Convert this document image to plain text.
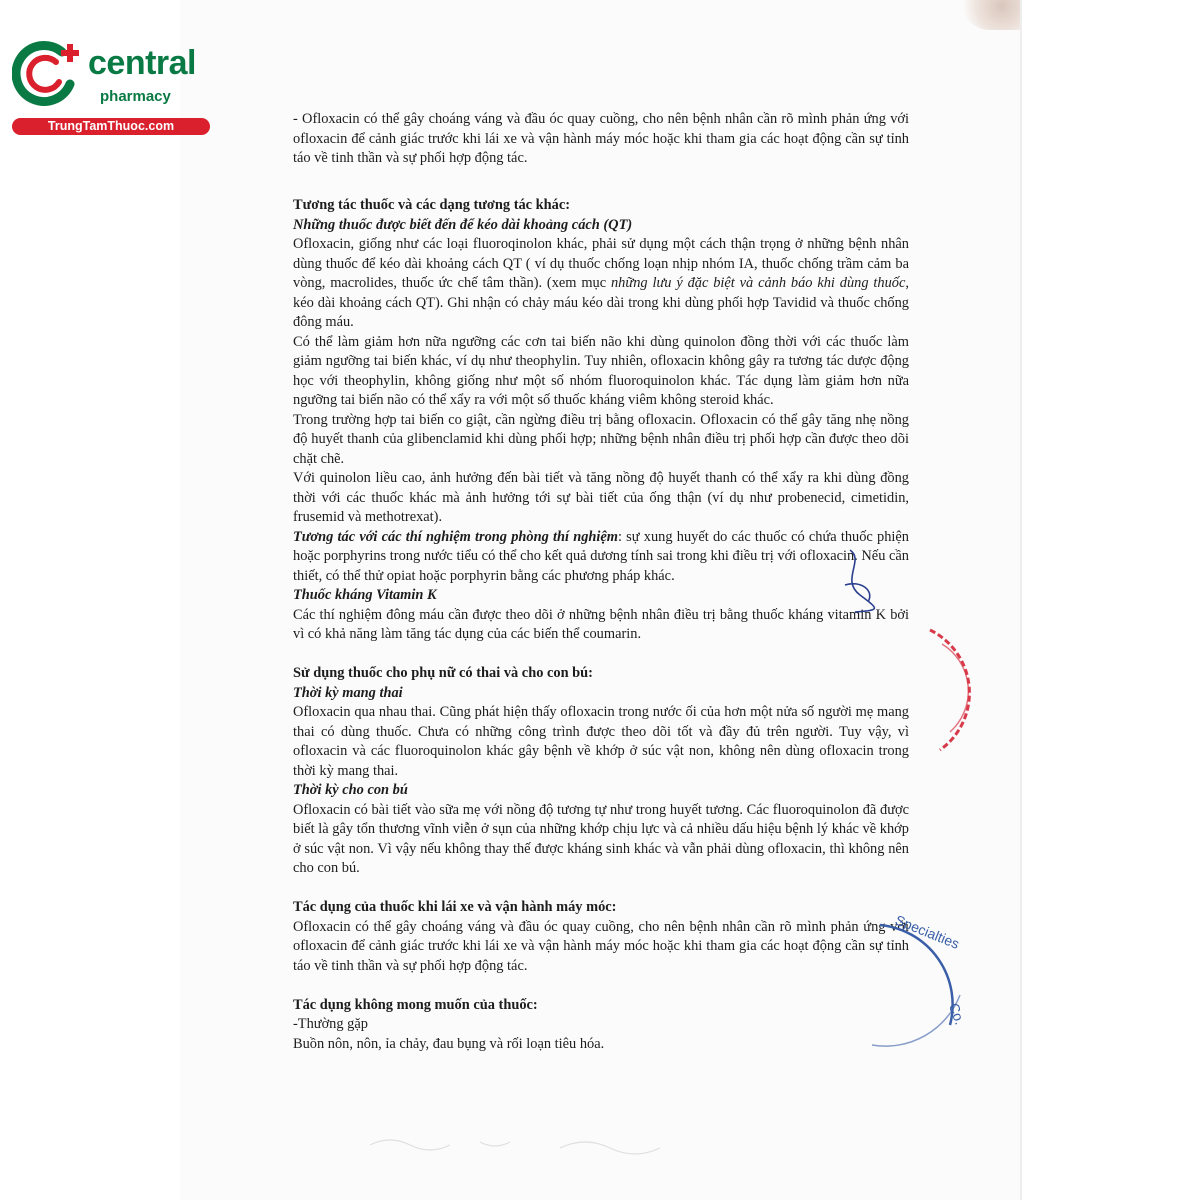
central
pharmacy
TrungTamThuoc.com	- Ofloxacin có thể gây choáng váng và đầu óc quay cuồng, cho nên bệnh nhân cần rõ mình phản ứng với ofloxacin để cảnh giác trước khi lái xe và vận hành máy móc hoặc khi tham gia các hoạt động cần sự tỉnh táo về tinh thần và sự phối hợp động tác.

Tương tác thuốc và các dạng tương tác khác:

Những thuốc được biết đến để kéo dài khoảng cách (QT)

Ofloxacin, giống như các loại fluoroqinolon khác, phải sử dụng một cách thận trọng ở những bệnh nhân dùng thuốc để kéo dài khoảng cách QT ( ví dụ thuốc chống loạn nhịp nhóm IA, thuốc chống trầm cảm ba vòng, macrolides, thuốc ức chế tâm thần). (xem mục những lưu ý đặc biệt và cảnh báo khi dùng thuốc, kéo dài khoảng cách QT). Ghi nhận có chảy máu kéo dài trong khi dùng phối hợp Tavidid và thuốc chống đông máu.

Có thể làm giảm hơn nữa ngưỡng các cơn tai biến não khi dùng quinolon đồng thời với các thuốc làm giảm ngưỡng tai biến khác, ví dụ như theophylin. Tuy nhiên, ofloxacin không gây ra tương tác dược động học với theophylin, không giống như một số nhóm fluoroquinolon khác. Tác dụng làm giảm hơn nữa ngưỡng tai biến não có thể xẩy ra với một số thuốc kháng viêm không steroid khác.

Trong trường hợp tai biến co giật, cần ngừng điều trị bằng ofloxacin. Ofloxacin có thể gây tăng nhẹ nồng độ huyết thanh của glibenclamid khi dùng phối hợp; những bệnh nhân điều trị phối hợp cần được theo dõi chặt chẽ.

Với quinolon liều cao, ảnh hưởng đến bài tiết và tăng nồng độ huyết thanh có thể xẩy ra khi dùng đồng thời với các thuốc khác mà ảnh hưởng tới sự bài tiết của ống thận (ví dụ như probenecid, cimetidin, frusemid và methotrexat).

Tương tác với các thí nghiệm trong phòng thí nghiệm: sự xung huyết do các thuốc có chứa thuốc phiện hoặc porphyrins trong nước tiểu có thể cho kết quả dương tính sai trong khi điều trị với ofloxacin. Nếu cần thiết, có thể thử opiat hoặc porphyrin bằng các phương pháp khác.

Thuốc kháng Vitamin K

Các thí nghiệm đông máu cần được theo dõi ở những bệnh nhân điều trị bằng thuốc kháng vitamin K bởi vì có khả năng làm tăng tác dụng của các biến thể coumarin.

Sử dụng thuốc cho phụ nữ có thai và cho con bú:

Thời kỳ mang thai

Ofloxacin qua nhau thai. Cũng phát hiện thấy ofloxacin trong nước ối của hơn một nửa số người mẹ mang thai có dùng thuốc. Chưa có những công trình được theo dõi tốt và đầy đủ trên người. Tuy vậy, vì ofloxacin và các fluoroquinolon khác gây bệnh về khớp ở súc vật non, không nên dùng ofloxacin trong thời kỳ mang thai.

Thời kỳ cho con bú

Ofloxacin có bài tiết vào sữa mẹ với nồng độ tương tự như trong huyết tương. Các fluoroquinolon đã được biết là gây tổn thương vĩnh viễn ở sụn của những khớp chịu lực và cả nhiều dấu hiệu bệnh lý khác về khớp ở súc vật non. Vì vậy nếu không thay thế được kháng sinh khác và vẫn phải dùng ofloxacin, thì không nên cho con bú.

Tác dụng của thuốc khi lái xe và vận hành máy móc:

Ofloxacin có thể gây choáng váng và đầu óc quay cuồng, cho nên bệnh nhân cần rõ mình phản ứng với ofloxacin để cảnh giác trước khi lái xe và vận hành máy móc hoặc khi tham gia các hoạt động cần sự tỉnh táo về tinh thần và sự phối hợp động tác.

Tác dụng không mong muốn của thuốc:

-Thường gặp

Buồn nôn, nôn, ỉa chảy, đau bụng và rối loạn tiêu hóa.

Specialties
Co.
